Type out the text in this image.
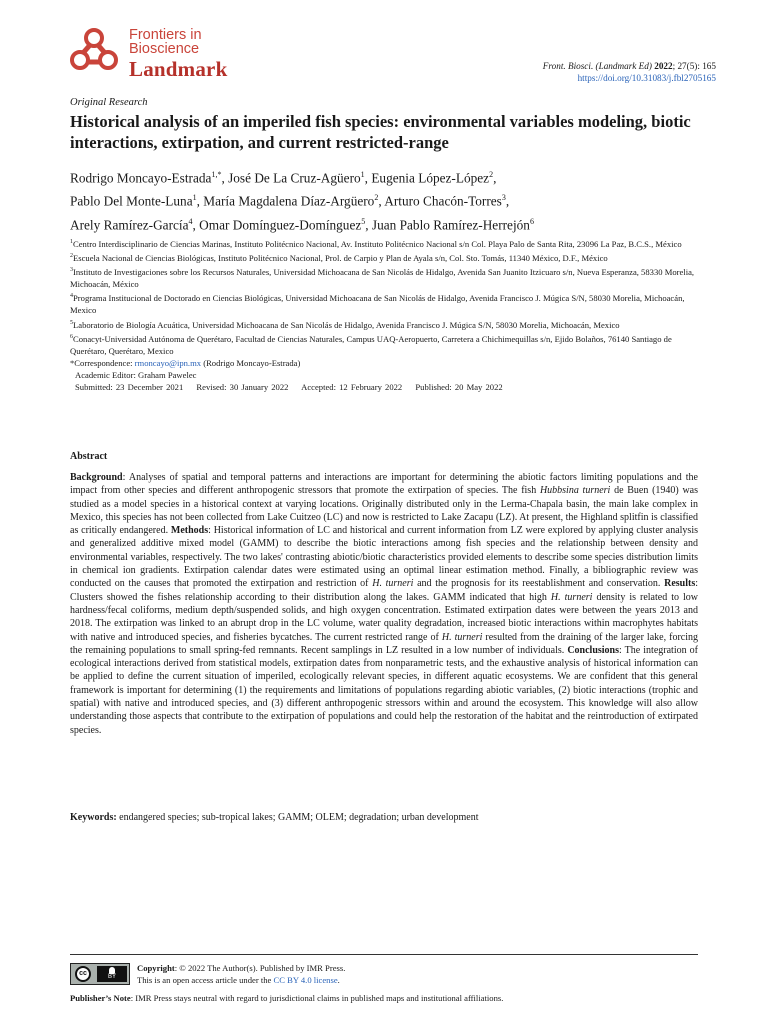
Frontiers in
Bioscience
Landmark	Front. Biosci. (Landmark Ed) 2022; 27(5): 165
https://doi.org/10.31083/j.fbl2705165
Original Research
Historical analysis of an imperiled fish species: environmental variables modeling, biotic interactions, extirpation, and current restricted-range
Rodrigo Moncayo-Estrada$^{1,*}$, José De La Cruz-Agüero$^1$, Eugenia López-López$^2$,
Pablo Del Monte-Luna$^1$, María Magdalena Díaz-Argüero$^2$, Arturo Chacón-Torres$^3$,
Arely Ramírez-García$^4$, Omar Domínguez-Domínguez$^5$, Juan Pablo Ramírez-Herrejón$^6$

$^1$Centro Interdisciplinario de Ciencias Marinas, Instituto Politécnico Nacional, Av. Instituto Politécnico Nacional s/n Col. Playa Palo de Santa Rita, 23096 La Paz, B.C.S., México

$^2$Escuela Nacional de Ciencias Biológicas, Instituto Politécnico Nacional, Prol. de Carpio y Plan de Ayala s/n, Col. Sto. Tomás, 11340 México, D.F., México

$^3$Instituto de Investigaciones sobre los Recursos Naturales, Universidad Michoacana de San Nicolás de Hidalgo, Avenida San Juanito Itzicuaro s/n, Nueva Esperanza, 58330 Morelia, Michoacán, México

$^4$Programa Institucional de Doctorado en Ciencias Biológicas, Universidad Michoacana de San Nicolás de Hidalgo, Avenida Francisco J. Múgica S/N, 58030 Morelia, Michoacán, Mexico

$^5$Laboratorio de Biología Acuática, Universidad Michoacana de San Nicolás de Hidalgo, Avenida Francisco J. Múgica S/N, 58030 Morelia, Michoacán, Mexico

$^6$Conacyt-Universidad Autónoma de Querétaro, Facultad de Ciencias Naturales, Campus UAQ-Aeropuerto, Carretera a Chichimequillas s/n, Ejido Bolaños, 76140 Santiago de Querétaro, Querétaro, Mexico

*Correspondence: rmoncayo@ipn.mx (Rodrigo Moncayo-Estrada)

Academic Editor: Graham Pawelec

Submitted: 23 December 2021 Revised: 30 January 2022 Accepted: 12 February 2022 Published: 20 May 2022

Abstract

Background: Analyses of spatial and temporal patterns and interactions are important for determining the abiotic factors limiting populations and the impact from other species and different anthropogenic stressors that promote the extirpation of species. The fish Hubbsina turneri de Buen (1940) was studied as a model species in a historical context at varying locations. Originally distributed only in the Lerma-Chapala basin, the main lake complex in Mexico, this species has not been collected from Lake Cuitzeo (LC) and now is restricted to Lake Zacapu (LZ). At present, the Highland splitfin is classified as critically endangered. Methods: Historical information of LC and historical and current information from LZ were explored by applying cluster analysis and generalized additive mixed model (GAMM) to describe the biotic interactions among fish species and the relationship between density and environmental variables, respectively. The two lakes' contrasting abiotic/biotic characteristics provided elements to describe some species distribution limits in chemical ion gradients. Extirpation calendar dates were estimated using an optimal linear estimation method. Finally, a bibliographic review was conducted on the causes that promoted the extirpation and restriction of H. turneri and the prognosis for its reestablishment and conservation. Results: Clusters showed the fishes relationship according to their distribution along the lakes. GAMM indicated that high H. turneri density is related to low hardness/fecal coliforms, medium depth/suspended solids, and high oxygen concentration. Estimated extirpation dates were between the years 2013 and 2018. The extirpation was linked to an abrupt drop in the LC volume, water quality degradation, increased biotic interactions within macrophytes habitats with native and introduced species, and fisheries bycatches. The current restricted range of H. turneri resulted from the draining of the larger lake, forcing the remaining populations to small spring-fed remnants. Recent samplings in LZ resulted in a low number of individuals. Conclusions: The integration of ecological interactions derived from statistical models, extirpation dates from nonparametric tests, and the exhaustive analysis of historical information can be applied to define the current situation of imperiled, ecologically relevant species, in different aquatic ecosystems. We are confident that this general framework is important for determining (1) the requirements and limitations of populations regarding abiotic variables, (2) biotic interactions (trophic and spatial) with native and introduced species, and (3) different anthropogenic stressors within and around the ecosystem. This knowledge will also allow understanding those aspects that contribute to the extirpation of populations and could help the restoration of the habitat and the reintroduction of extirpated species.

Keywords: endangered species; sub-tropical lakes; GAMM; OLEM; degradation; urban development

cc	BY
Copyright: © 2022 The Author(s). Published by IMR Press.
This is an open access article under the CC BY 4.0 license.
Publisher’s Note: IMR Press stays neutral with regard to jurisdictional claims in published maps and institutional affiliations.
